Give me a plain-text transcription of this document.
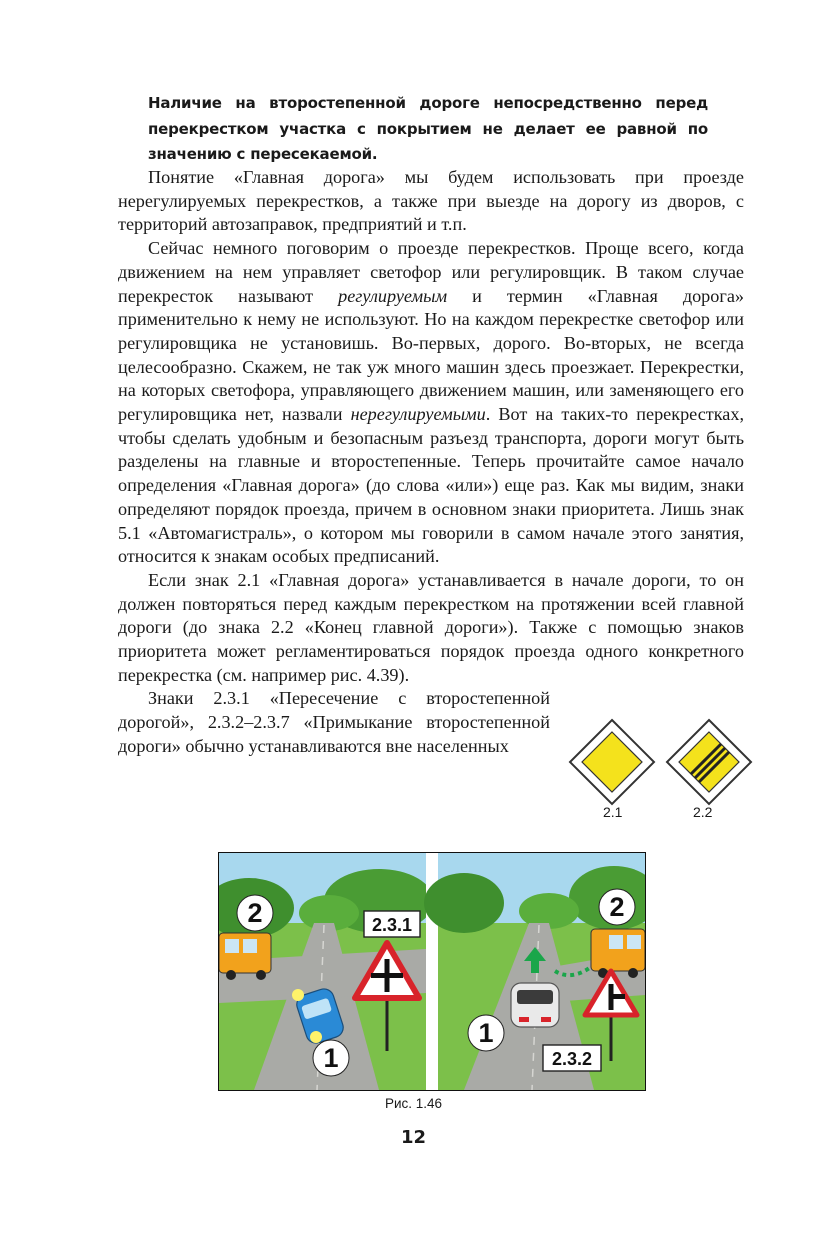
Наличие на второстепенной дороге непосредственно перед перекрестком участка с покрытием не делает ее равной по значению с пересекаемой.

Понятие «Главная дорога» мы будем использовать при проезде нерегулируемых перекрестков, а также при выезде на дорогу из дворов, с территорий автозаправок, предприятий и т.п.

Сейчас немного поговорим о проезде перекрестков. Проще всего, когда движением на нем управляет светофор или регулировщик. В таком случае перекресток называют регулируемым и термин «Главная дорога» применительно к нему не используют. Но на каждом перекрестке светофор или регулировщика не установишь. Во-первых, дорого. Во-вторых, не всегда целесообразно. Скажем, не так уж много машин здесь проезжает. Перекрестки, на которых светофора, управляющего движением машин, или заменяющего его регулировщика нет, назвали нерегулируемыми. Вот на таких-то перекрестках, чтобы сделать удобным и безопасным разъезд транспорта, дороги могут быть разделены на главные и второстепенные. Теперь прочитайте самое начало определения «Главная дорога» (до слова «или») еще раз. Как мы видим, знаки определяют порядок проезда, причем в основном знаки приоритета. Лишь знак 5.1 «Автомагистраль», о котором мы говорили в самом начале этого занятия, относится к знакам особых предписаний.

Если знак 2.1 «Главная дорога» устанавливается в начале дороги, то он должен повторяться перед каждым перекрестком на протяжении всей главной дороги (до знака 2.2 «Конец главной дороги»). Также с помощью знаков приоритета может регламентироваться порядок проезда одного конкретного перекрестка (см. например рис. 4.39).

Знаки 2.3.1 «Пересечение с второстепенной дорогой», 2.3.2–2.3.7 «Примыкание второстепенной дороги» обычно устанавливаются вне населенных

2.1	2.2
2
1
2.3.1
2
1
2.3.2
Рис. 1.46
12
